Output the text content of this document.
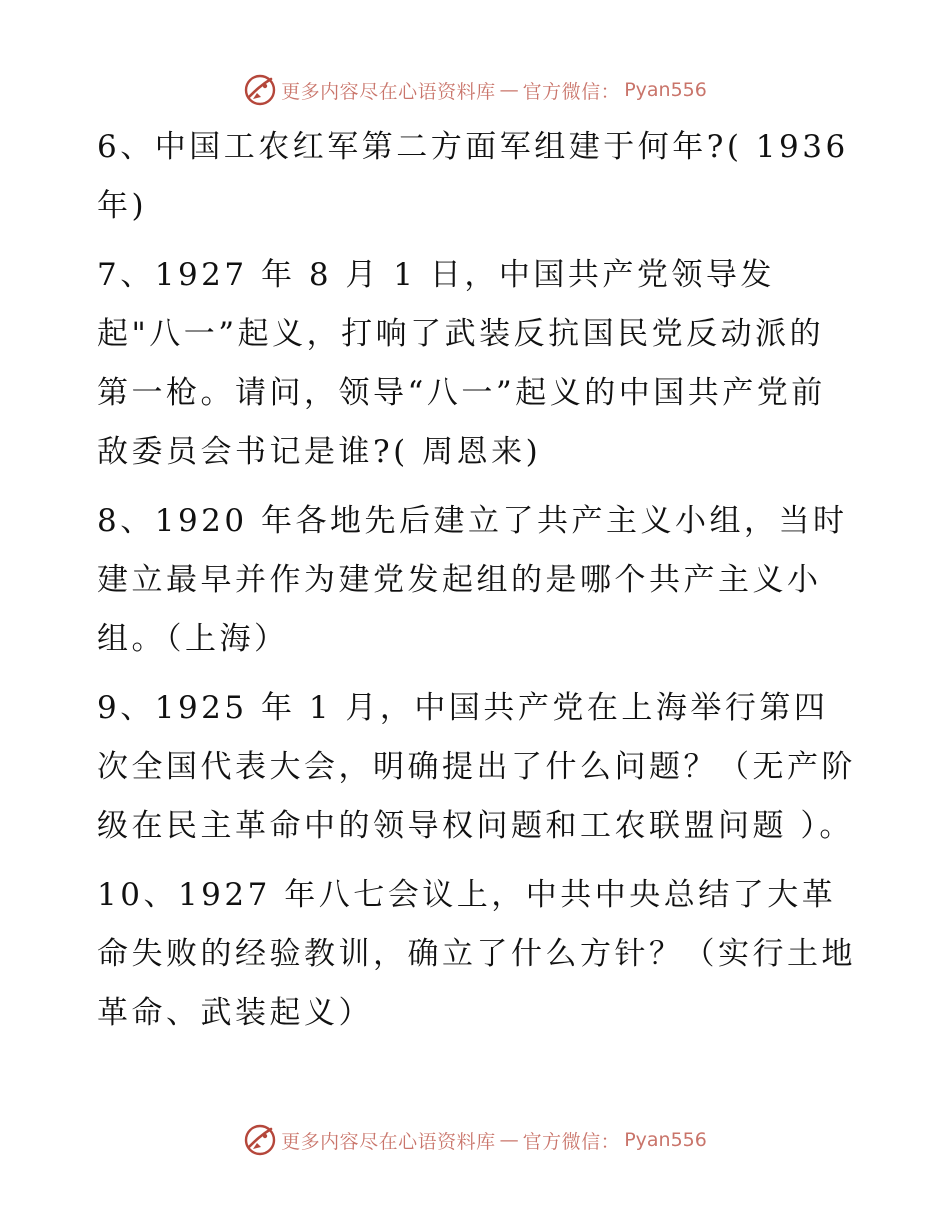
更多内容尽在心语资料库 — 官方微信： Pyan556

6、中国工农红军第二方面军组建于何年?( 1936 年)

7、1927 年 8 月 1 日，中国共产党领导发起"八一”起义，打响了武装反抗国民党反动派的第一枪。请问，领导“八一”起义的中国共产党前敌委员会书记是谁?( 周恩来)

8、1920 年各地先后建立了共产主义小组，当时建立最早并作为建党发起组的是哪个共产主义小组。（上海）

9、1925 年 1 月，中国共产党在上海举行第四次全国代表大会，明确提出了什么问题？（无产阶级在民主革命中的领导权问题和工农联盟问题 ）。

10、1927 年八七会议上，中共中央总结了大革命失败的经验教训，确立了什么方针？（实行土地革命、武装起义）

更多内容尽在心语资料库 — 官方微信： Pyan556
